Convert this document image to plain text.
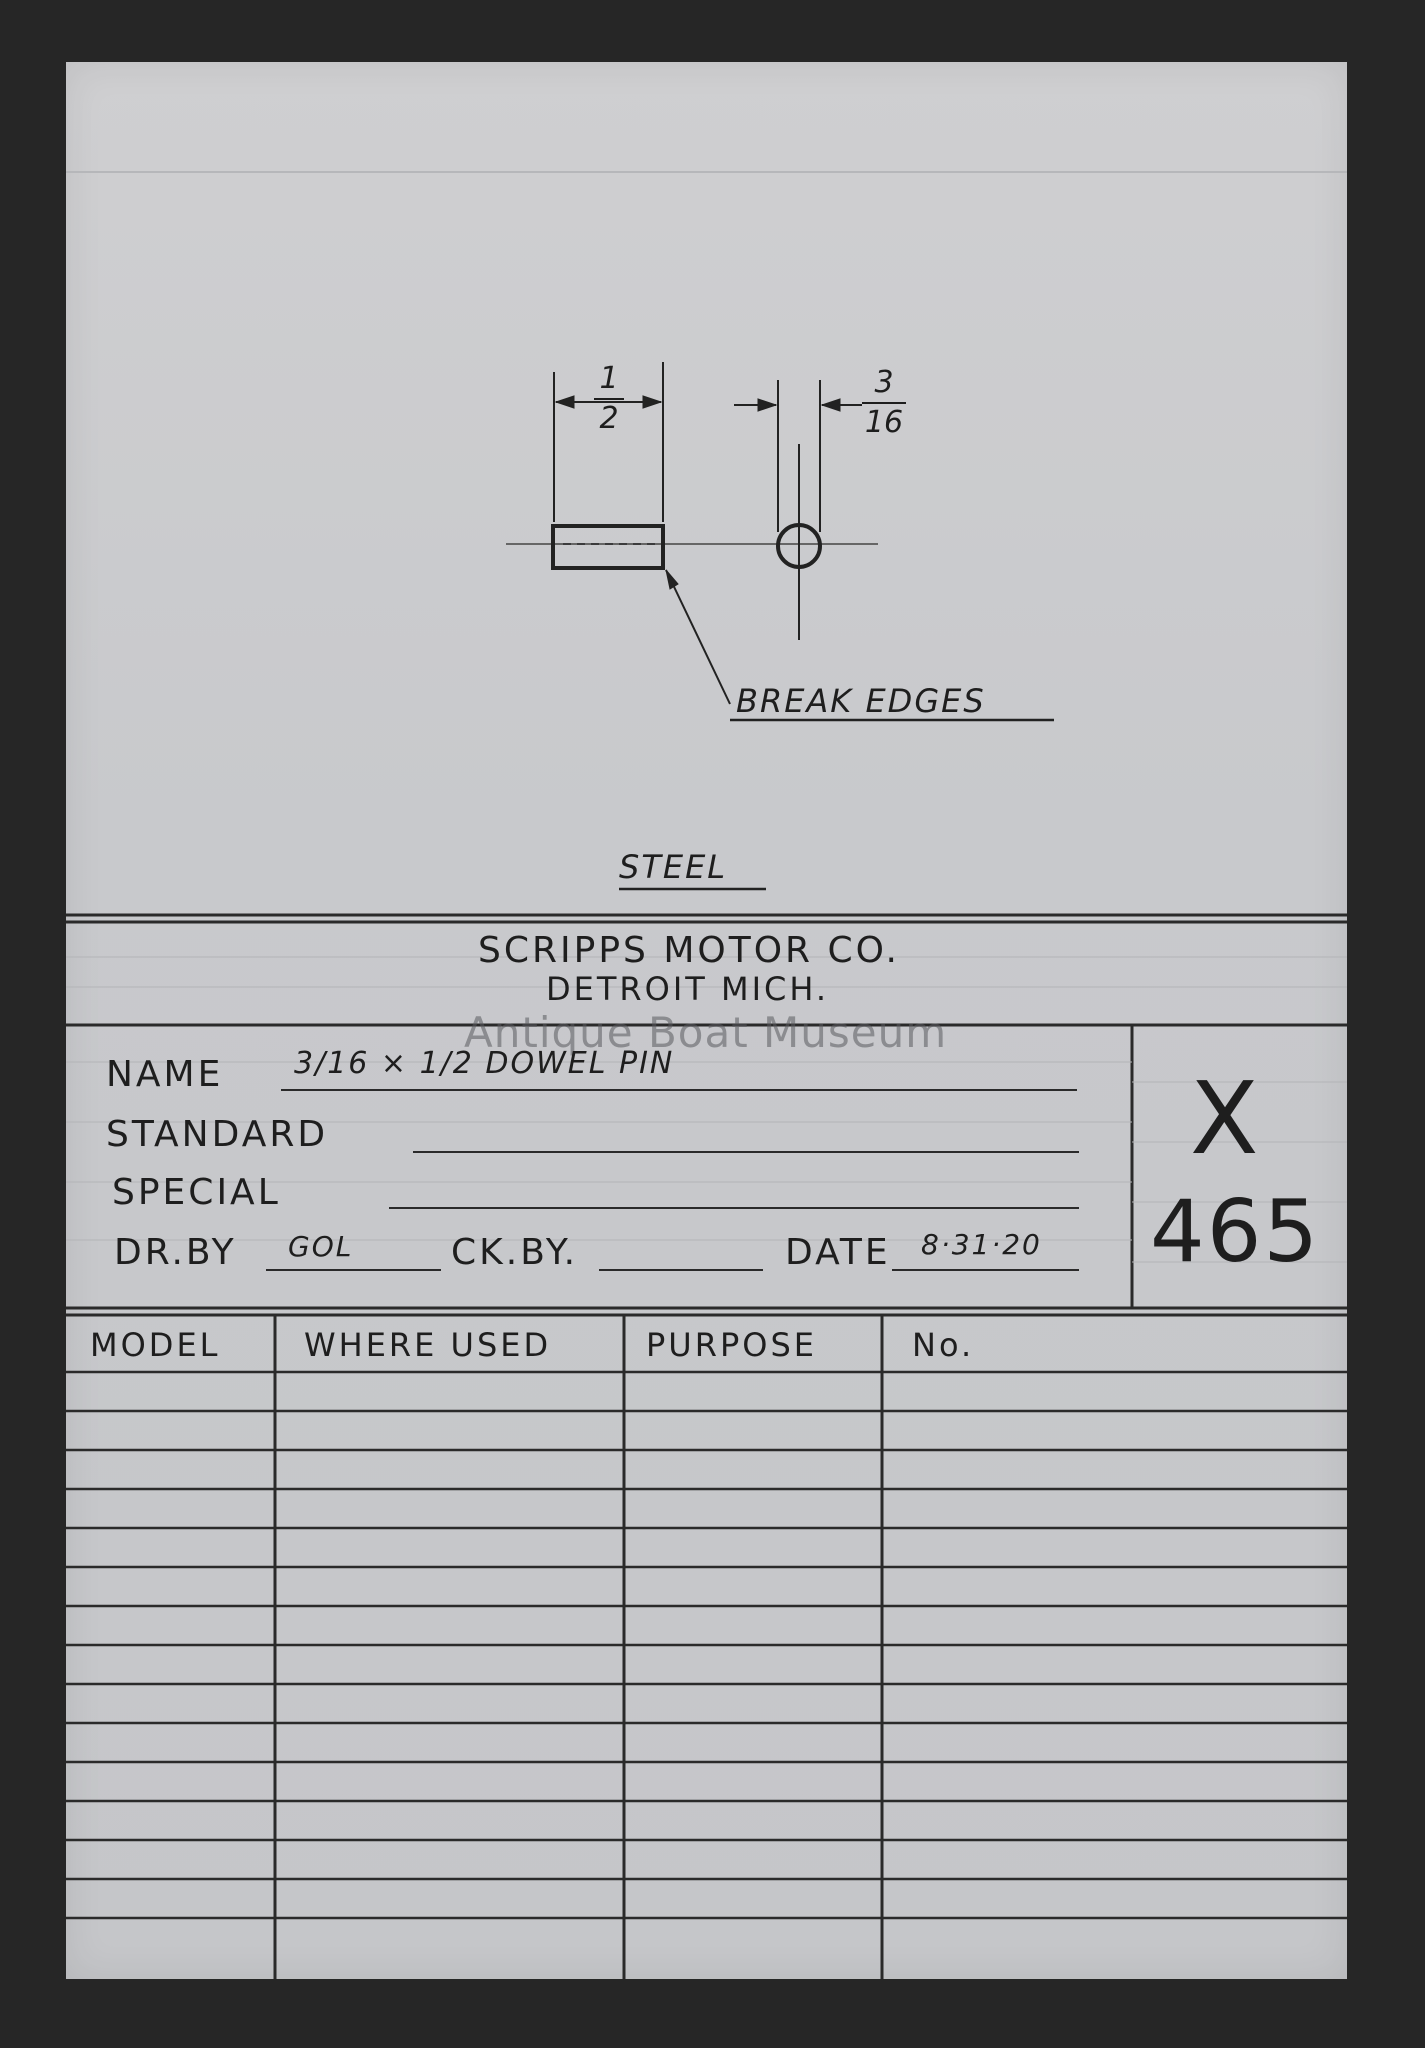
1
2
3
16
BREAK EDGES
STEEL
SCRIPPS MOTOR CO.
DETROIT MICH.
Antique Boat Museum
NAME 3/16 × 1/2 DOWEL PIN
STANDARD
SPECIAL
DR.BY GOL	CK.BY.	DATE 8·31·20
X
465
MODEL	WHERE USED	PURPOSE	No.
